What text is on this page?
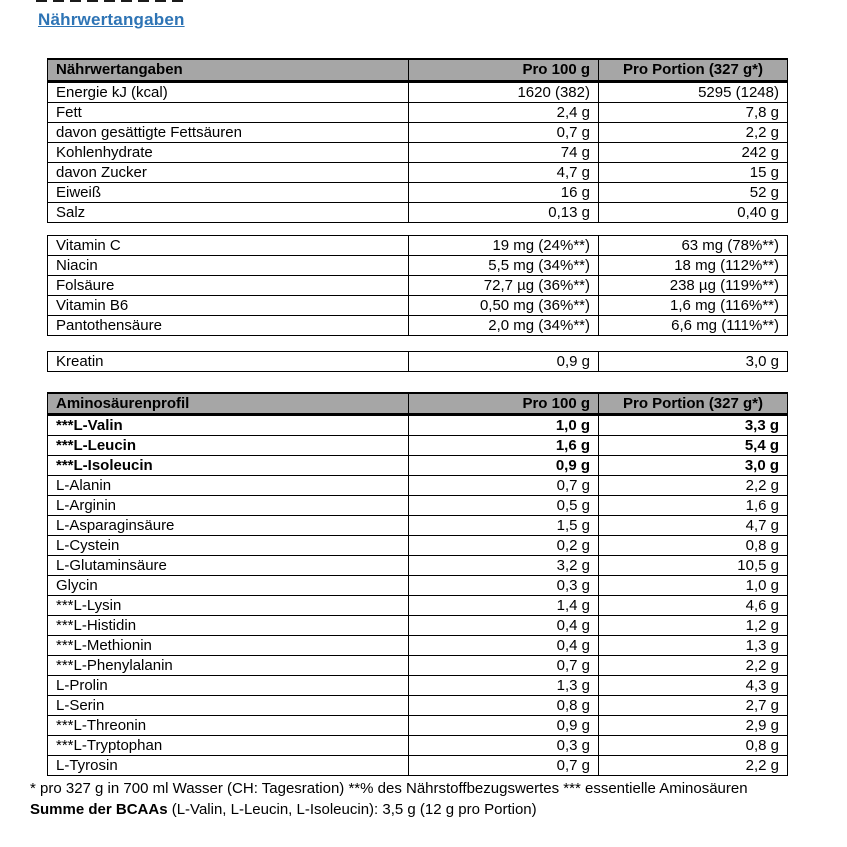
Nährwertangaben
Nährwertangaben	Pro 100 g	Pro Portion (327 g*)
Energie kJ (kcal)	1620 (382)	5295 (1248)
Fett	2,4 g	7,8 g
davon gesättigte Fettsäuren	0,7 g	2,2 g
Kohlenhydrate	74 g	242 g
davon Zucker	4,7 g	15 g
Eiweiß	16 g	52 g
Salz	0,13 g	0,40 g
Vitamin C	19 mg (24%**)	63 mg (78%**)
Niacin	5,5 mg (34%**)	18 mg (112%**)
Folsäure	72,7 µg (36%**)	238 µg (119%**)
Vitamin B6	0,50 mg (36%**)	1,6 mg (116%**)
Pantothensäure	2,0 mg (34%**)	6,6 mg (111%**)
Kreatin	0,9 g	3,0 g
Aminosäurenprofil	Pro 100 g	Pro Portion (327 g*)
***L-Valin	1,0 g	3,3 g
***L-Leucin	1,6 g	5,4 g
***L-Isoleucin	0,9 g	3,0 g
L-Alanin	0,7 g	2,2 g
L-Arginin	0,5 g	1,6 g
L-Asparaginsäure	1,5 g	4,7 g
L-Cystein	0,2 g	0,8 g
L-Glutaminsäure	3,2 g	10,5 g
Glycin	0,3 g	1,0 g
***L-Lysin	1,4 g	4,6 g
***L-Histidin	0,4 g	1,2 g
***L-Methionin	0,4 g	1,3 g
***L-Phenylalanin	0,7 g	2,2 g
L-Prolin	1,3 g	4,3 g
L-Serin	0,8 g	2,7 g
***L-Threonin	0,9 g	2,9 g
***L-Tryptophan	0,3 g	0,8 g
L-Tyrosin	0,7 g	2,2 g

* pro 327 g in 700 ml Wasser (CH: Tagesration) **% des Nährstoffbezugswertes *** essentielle Aminosäuren

Summe der BCAAs (L-Valin, L-Leucin, L-Isoleucin): 3,5 g (12 g pro Portion)
